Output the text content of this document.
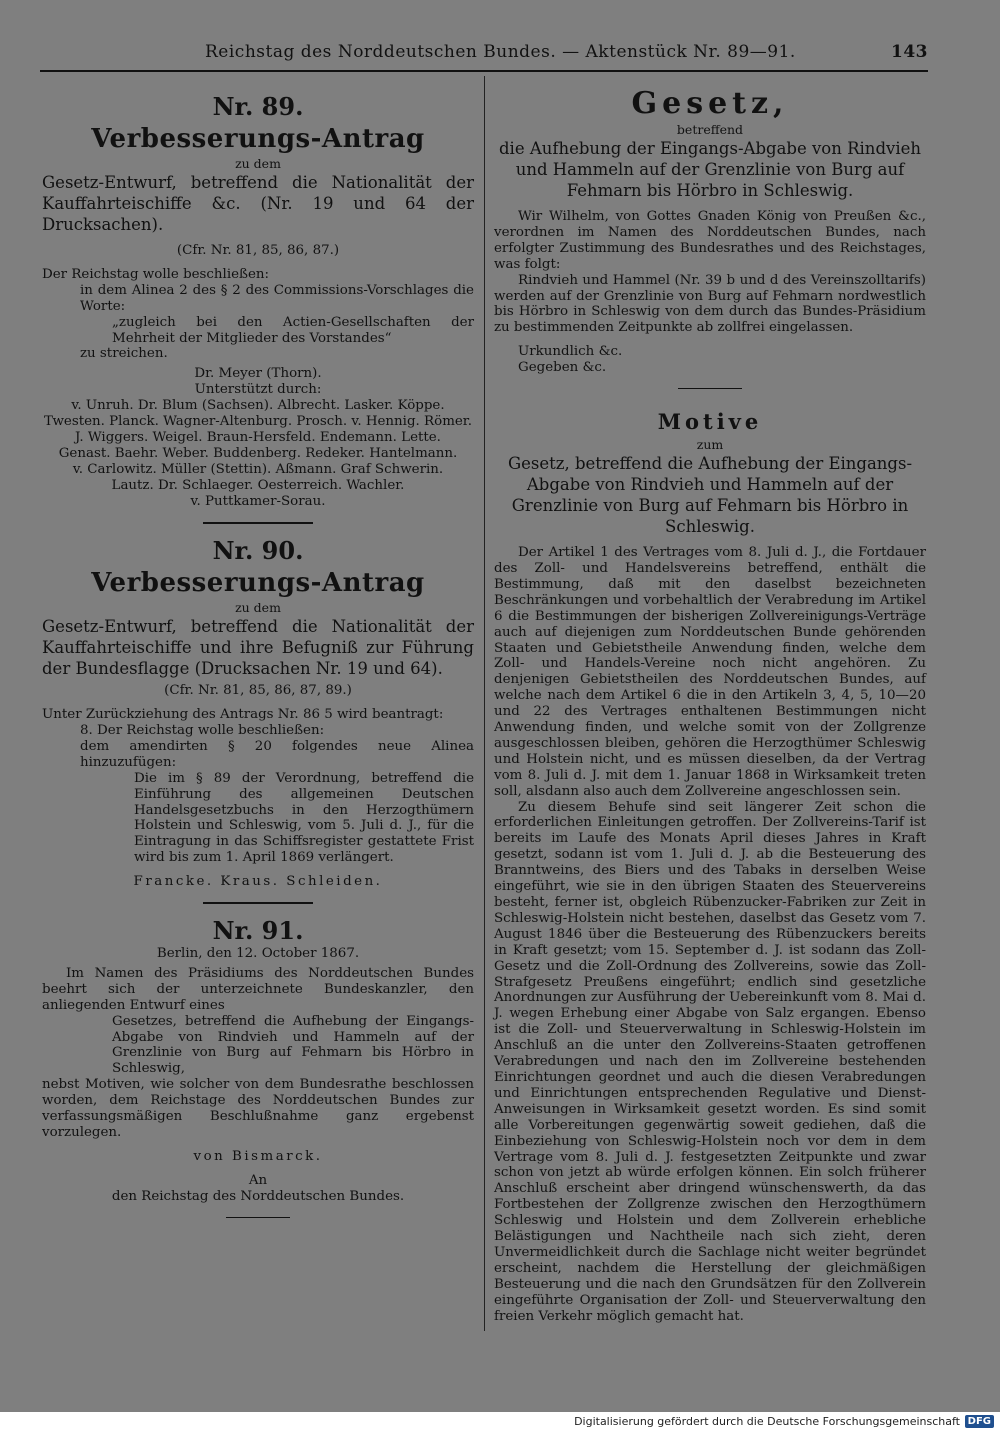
Reichstag des Norddeutschen Bundes. — Aktenstück Nr. 89—91.	143
Nr. 89.
Verbesserungs-Antrag
zu dem
Gesetz-Entwurf, betreffend die Nationalität der Kauffahrteischiffe &c. (Nr. 19 und 64 der Drucksachen).
(Cfr. Nr. 81, 85, 86, 87.)

Der Reichstag wolle beschließen:

in dem Alinea 2 des § 2 des Commissions-Vorschlages die Worte:

„zugleich bei den Actien-Gesellschaften der Mehrheit der Mitglieder des Vorstandes“

zu streichen.

Dr. Meyer (Thorn).
Unterstützt durch:
v. Unruh. Dr. Blum (Sachsen). Albrecht. Lasker. Köppe.
Twesten. Planck. Wagner-Altenburg. Prosch. v. Hennig. Römer.
J. Wiggers. Weigel. Braun-Hersfeld. Endemann. Lette.
Genast. Baehr. Weber. Buddenberg. Redeker. Hantelmann.
v. Carlowitz. Müller (Stettin). Aßmann. Graf Schwerin.
Lautz. Dr. Schlaeger. Oesterreich. Wachler.
v. Puttkamer-Sorau.
Nr. 90.
Verbesserungs-Antrag
zu dem
Gesetz-Entwurf, betreffend die Nationalität der Kauffahrteischiffe und ihre Befugniß zur Führung der Bundesflagge (Drucksachen Nr. 19 und 64).
(Cfr. Nr. 81, 85, 86, 87, 89.)

Unter Zurückziehung des Antrags Nr. 86 5 wird beantragt:

8. Der Reichstag wolle beschließen:

dem amendirten § 20 folgendes neue Alinea hinzuzufügen:

Die im § 89 der Verordnung, betreffend die Einführung des allgemeinen Deutschen Handelsgesetzbuchs in den Herzogthümern Holstein und Schleswig, vom 5. Juli d. J., für die Eintragung in das Schiffsregister gestattete Frist wird bis zum 1. April 1869 verlängert.

Francke. Kraus. Schleiden.
Nr. 91.
Berlin, den 12. October 1867.

Im Namen des Präsidiums des Norddeutschen Bundes beehrt sich der unterzeichnete Bundeskanzler, den anliegenden Entwurf eines

Gesetzes, betreffend die Aufhebung der Eingangs-Abgabe von Rindvieh und Hammeln auf der Grenzlinie von Burg auf Fehmarn bis Hörbro in Schleswig,

nebst Motiven, wie solcher von dem Bundesrathe beschlossen worden, dem Reichstage des Norddeutschen Bundes zur verfassungsmäßigen Beschlußnahme ganz ergebenst vorzulegen.

von Bismarck.
An
den Reichstag des Norddeutschen Bundes.
Gesetz,
betreffend
die Aufhebung der Eingangs-Abgabe von Rindvieh und Hammeln auf der Grenzlinie von Burg auf Fehmarn bis Hörbro in Schleswig.

Wir Wilhelm, von Gottes Gnaden König von Preußen &c., verordnen im Namen des Norddeutschen Bundes, nach erfolgter Zustimmung des Bundesrathes und des Reichstages, was folgt:

Rindvieh und Hammel (Nr. 39 b und d des Vereinszolltarifs) werden auf der Grenzlinie von Burg auf Fehmarn nordwestlich bis Hörbro in Schleswig von dem durch das Bundes-Präsidium zu bestimmenden Zeitpunkte ab zollfrei eingelassen.

Urkundlich &c.

Gegeben &c.

Motive
zum
Gesetz, betreffend die Aufhebung der Eingangs-Abgabe von Rindvieh und Hammeln auf der Grenzlinie von Burg auf Fehmarn bis Hörbro in Schleswig.

Der Artikel 1 des Vertrages vom 8. Juli d. J., die Fortdauer des Zoll- und Handelsvereins betreffend, enthält die Bestimmung, daß mit den daselbst bezeichneten Beschränkungen und vorbehaltlich der Verabredung im Artikel 6 die Bestimmungen der bisherigen Zollvereinigungs-Verträge auch auf diejenigen zum Norddeutschen Bunde gehörenden Staaten und Gebietstheile Anwendung finden, welche dem Zoll- und Handels-Vereine noch nicht angehören. Zu denjenigen Gebietstheilen des Norddeutschen Bundes, auf welche nach dem Artikel 6 die in den Artikeln 3, 4, 5, 10—20 und 22 des Vertrages enthaltenen Bestimmungen nicht Anwendung finden, und welche somit von der Zollgrenze ausgeschlossen bleiben, gehören die Herzogthümer Schleswig und Holstein nicht, und es müssen dieselben, da der Vertrag vom 8. Juli d. J. mit dem 1. Januar 1868 in Wirksamkeit treten soll, alsdann also auch dem Zollvereine angeschlossen sein.

Zu diesem Behufe sind seit längerer Zeit schon die erforderlichen Einleitungen getroffen. Der Zollvereins-Tarif ist bereits im Laufe des Monats April dieses Jahres in Kraft gesetzt, sodann ist vom 1. Juli d. J. ab die Besteuerung des Branntweins, des Biers und des Tabaks in derselben Weise eingeführt, wie sie in den übrigen Staaten des Steuervereins besteht, ferner ist, obgleich Rübenzucker-Fabriken zur Zeit in Schleswig-Holstein nicht bestehen, daselbst das Gesetz vom 7. August 1846 über die Besteuerung des Rübenzuckers bereits in Kraft gesetzt; vom 15. September d. J. ist sodann das Zoll-Gesetz und die Zoll-Ordnung des Zollvereins, sowie das Zoll-Strafgesetz Preußens eingeführt; endlich sind gesetzliche Anordnungen zur Ausführung der Uebereinkunft vom 8. Mai d. J. wegen Erhebung einer Abgabe von Salz ergangen. Ebenso ist die Zoll- und Steuerverwaltung in Schleswig-Holstein im Anschluß an die unter den Zollvereins-Staaten getroffenen Verabredungen und nach den im Zollvereine bestehenden Einrichtungen geordnet und auch die diesen Verabredungen und Einrichtungen entsprechenden Regulative und Dienst-Anweisungen in Wirksamkeit gesetzt worden. Es sind somit alle Vorbereitungen gegenwärtig soweit gediehen, daß die Einbeziehung von Schleswig-Holstein noch vor dem in dem Vertrage vom 8. Juli d. J. festgesetzten Zeitpunkte und zwar schon von jetzt ab würde erfolgen können. Ein solch früherer Anschluß erscheint aber dringend wünschenswerth, da das Fortbestehen der Zollgrenze zwischen den Herzogthümern Schleswig und Holstein und dem Zollverein erhebliche Belästigungen und Nachtheile nach sich zieht, deren Unvermeidlichkeit durch die Sachlage nicht weiter begründet erscheint, nachdem die Herstellung der gleichmäßigen Besteuerung und die nach den Grundsätzen für den Zollverein eingeführte Organisation der Zoll- und Steuerverwaltung den freien Verkehr möglich gemacht hat.

Digitalisierung gefördert durch die Deutsche Forschungsgemeinschaft DFG
